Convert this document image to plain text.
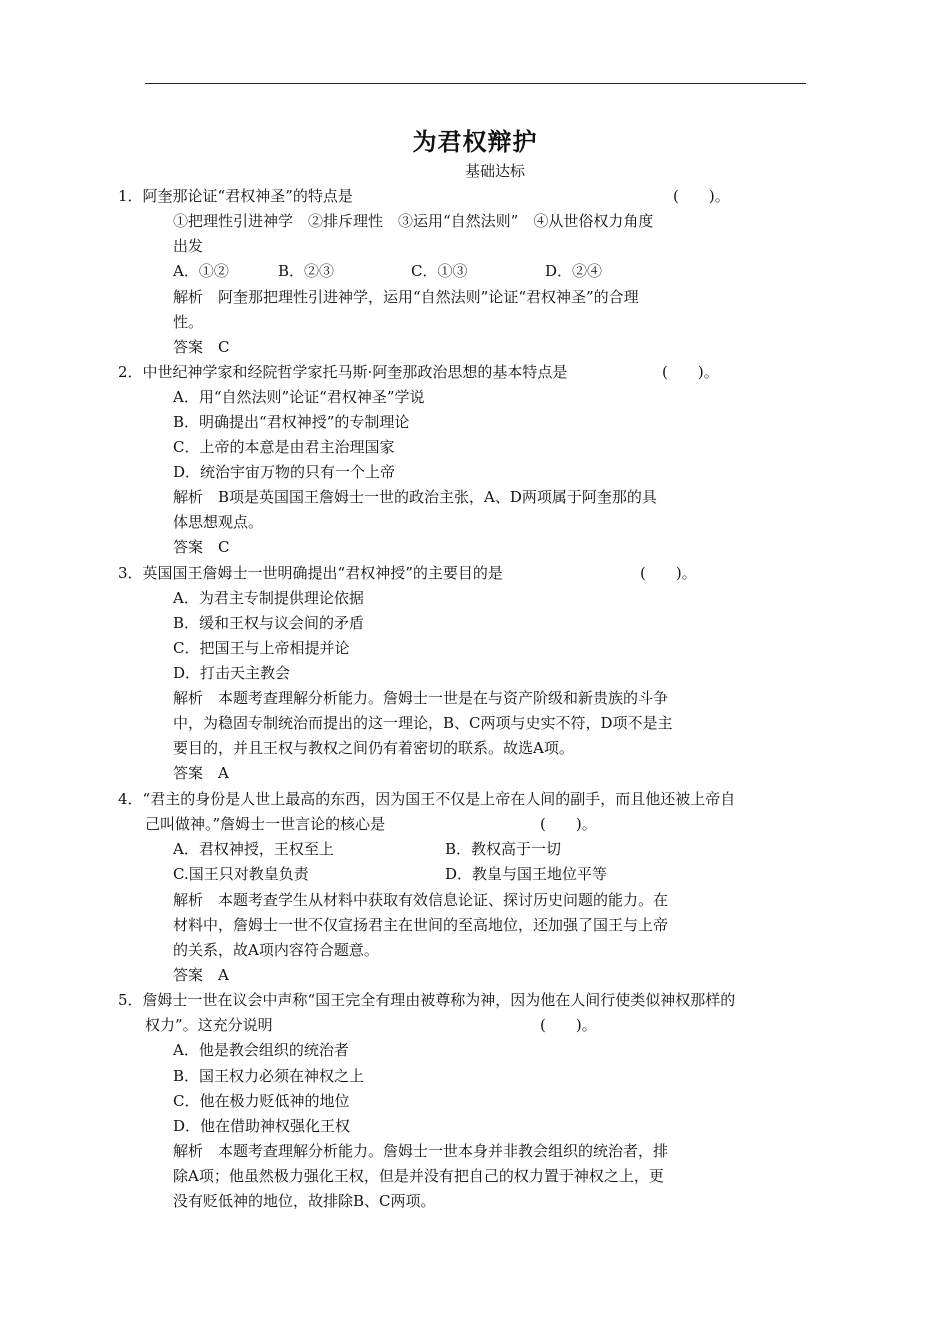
为君权辩护
基础达标
1．阿奎那论证“君权神圣”的特点是	(　　)。
①把理性引进神学　②排斥理性　③运用“自然法则”　④从世俗权力角度
出发
A．①②	B．②③	C．①③	D．②④
解析　阿奎那把理性引进神学，运用“自然法则”论证“君权神圣”的合理
性。
答案　C
2．中世纪神学家和经院哲学家托马斯·阿奎那政治思想的基本特点是	(　　)。
A．用“自然法则”论证“君权神圣”学说
B．明确提出“君权神授”的专制理论
C．上帝的本意是由君主治理国家
D．统治宇宙万物的只有一个上帝
解析　B项是英国国王詹姆士一世的政治主张，A、D两项属于阿奎那的具
体思想观点。
答案　C
3．英国国王詹姆士一世明确提出“君权神授”的主要目的是	(　　)。
A．为君主专制提供理论依据
B．缓和王权与议会间的矛盾
C．把国王与上帝相提并论
D．打击天主教会
解析　本题考查理解分析能力。詹姆士一世是在与资产阶级和新贵族的斗争
中，为稳固专制统治而提出的这一理论，B、C两项与史实不符，D项不是主
要目的，并且王权与教权之间仍有着密切的联系。故选A项。
答案　A
4．“君主的身份是人世上最高的东西，因为国王不仅是上帝在人间的副手，而且他还被上帝自
己叫做神。”詹姆士一世言论的核心是	(　　)。
A．君权神授，王权至上	B．教权高于一切
C.国王只对教皇负责	D．教皇与国王地位平等
解析　本题考查学生从材料中获取有效信息论证、探讨历史问题的能力。在
材料中，詹姆士一世不仅宣扬君主在世间的至高地位，还加强了国王与上帝
的关系，故A项内容符合题意。
答案　A
5．詹姆士一世在议会中声称“国王完全有理由被尊称为神，因为他在人间行使类似神权那样的
权力”。这充分说明	(　　)。
A．他是教会组织的统治者
B．国王权力必须在神权之上
C．他在极力贬低神的地位
D．他在借助神权强化王权
解析　本题考查理解分析能力。詹姆士一世本身并非教会组织的统治者，排
除A项；他虽然极力强化王权，但是并没有把自己的权力置于神权之上，更
没有贬低神的地位，故排除B、C两项。
